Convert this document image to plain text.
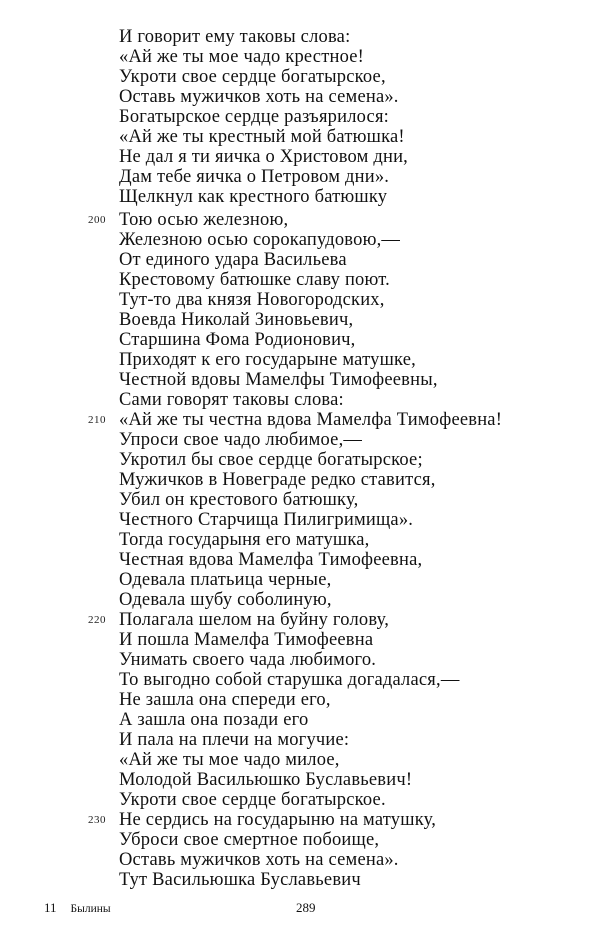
И говорит ему таковы слова:
«Ай же ты мое чадо крестное!
Укроти свое сердце богатырское,
Оставь мужичков хоть на семена».
Богатырское сердце разъярилося:
«Ай же ты крестный мой батюшка!
Не дал я ти яичка о Христовом дни,
Дам тебе яичка о Петровом дни».
Щелкнул как крестного батюшку
200 Тою осью железною,
Железною осью сорокапудовою,—
От единого удара Васильева
Крестовому батюшке славу поют.
Тут-то два князя Новогородских,
Воевда Николай Зиновьевич,
Старшина Фома Родионович,
Приходят к его государыне матушке,
Честной вдовы Мамелфы Тимофеевны,
Сами говорят таковы слова:
210 «Ай же ты честна вдова Мамелфа Тимофеевна!
Упроси свое чадо любимое,—
Укротил бы свое сердце богатырское;
Мужичков в Новеграде редко ставится,
Убил он крестового батюшку,
Честного Старчища Пилигримища».
Тогда государыня его матушка,
Честная вдова Мамелфа Тимофеевна,
Одевала платьица черные,
Одевала шубу соболиную,
220 Полагала шелом на буйну голову,
И пошла Мамелфа Тимофеевна
Унимать своего чада любимого.
То выгодно собой старушка догадалася,—
Не зашла она спереди его,
А зашла она позади его
И пала на плечи на могучие:
«Ай же ты мое чадо милое,
Молодой Васильюшко Буславьевич!
Укроти свое сердце богатырское.
230 Не сердись на государыню на матушку,
Уброси свое смертное побоище,
Оставь мужичков хоть на семена».
Тут Васильюшка Буславьевич
11 Былины	289
